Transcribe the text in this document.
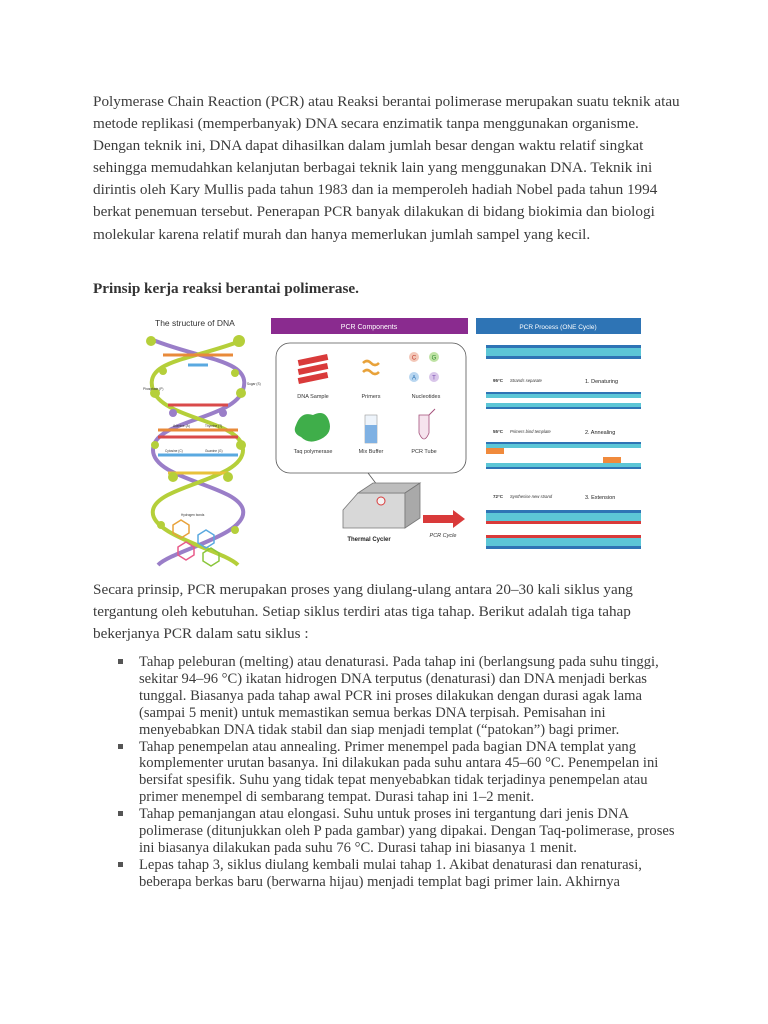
Polymerase Chain Reaction (PCR) atau Reaksi berantai polimerase merupakan suatu teknik atau metode replikasi (memperbanyak) DNA secara enzimatik tanpa menggunakan organisme. Dengan teknik ini, DNA dapat dihasilkan dalam jumlah besar dengan waktu relatif singkat sehingga memudahkan kelanjutan berbagai teknik lain yang menggunakan DNA. Teknik ini dirintis oleh Kary Mullis pada tahun 1983 dan ia memperoleh hadiah Nobel pada tahun 1994 berkat penemuan tersebut. Penerapan PCR banyak dilakukan di bidang biokimia dan biologi molekular karena relatif murah dan hanya memerlukan jumlah sampel yang kecil.

Prinsip kerja reaksi berantai polimerase.

The structure of DNA
Phosphate (P)
Sugar (S)
Adenine (A)	Thymine (T)
Cytosine (C)	Guanine (G)
Hydrogen bonds
PCR Components
DNA Sample	Primers
C	G
A	T
Nucleotides
Taq polymerase	Mix Buffer	PCR Tube
Thermal Cycler
PCR Cycle
PCR Process (ONE Cycle)
95°C Strands separate	1. Denaturing
55°C Primers bind template	2. Annealing
72°C Synthesise new strand	3. Extension

Secara prinsip, PCR merupakan proses yang diulang-ulang antara 20–30 kali siklus yang tergantung oleh kebutuhan. Setiap siklus terdiri atas tiga tahap. Berikut adalah tiga tahap bekerjanya PCR dalam satu siklus :

Tahap peleburan (melting) atau denaturasi. Pada tahap ini (berlangsung pada suhu tinggi, sekitar 94–96 °C) ikatan hidrogen DNA terputus (denaturasi) dan DNA menjadi berkas tunggal. Biasanya pada tahap awal PCR ini proses dilakukan dengan durasi agak lama (sampai 5 menit) untuk memastikan semua berkas DNA terpisah. Pemisahan ini menyebabkan DNA tidak stabil dan siap menjadi templat (“patokan”) bagi primer.
Tahap penempelan atau annealing. Primer menempel pada bagian DNA templat yang komplementer urutan basanya. Ini dilakukan pada suhu antara 45–60 °C. Penempelan ini bersifat spesifik. Suhu yang tidak tepat menyebabkan tidak terjadinya penempelan atau primer menempel di sembarang tempat. Durasi tahap ini 1–2 menit.
Tahap pemanjangan atau elongasi. Suhu untuk proses ini tergantung dari jenis DNA polimerase (ditunjukkan oleh P pada gambar) yang dipakai. Dengan Taq-polimerase, proses ini biasanya dilakukan pada suhu 76 °C. Durasi tahap ini biasanya 1 menit.
Lepas tahap 3, siklus diulang kembali mulai tahap 1. Akibat denaturasi dan renaturasi, beberapa berkas baru (berwarna hijau) menjadi templat bagi primer lain. Akhirnya
